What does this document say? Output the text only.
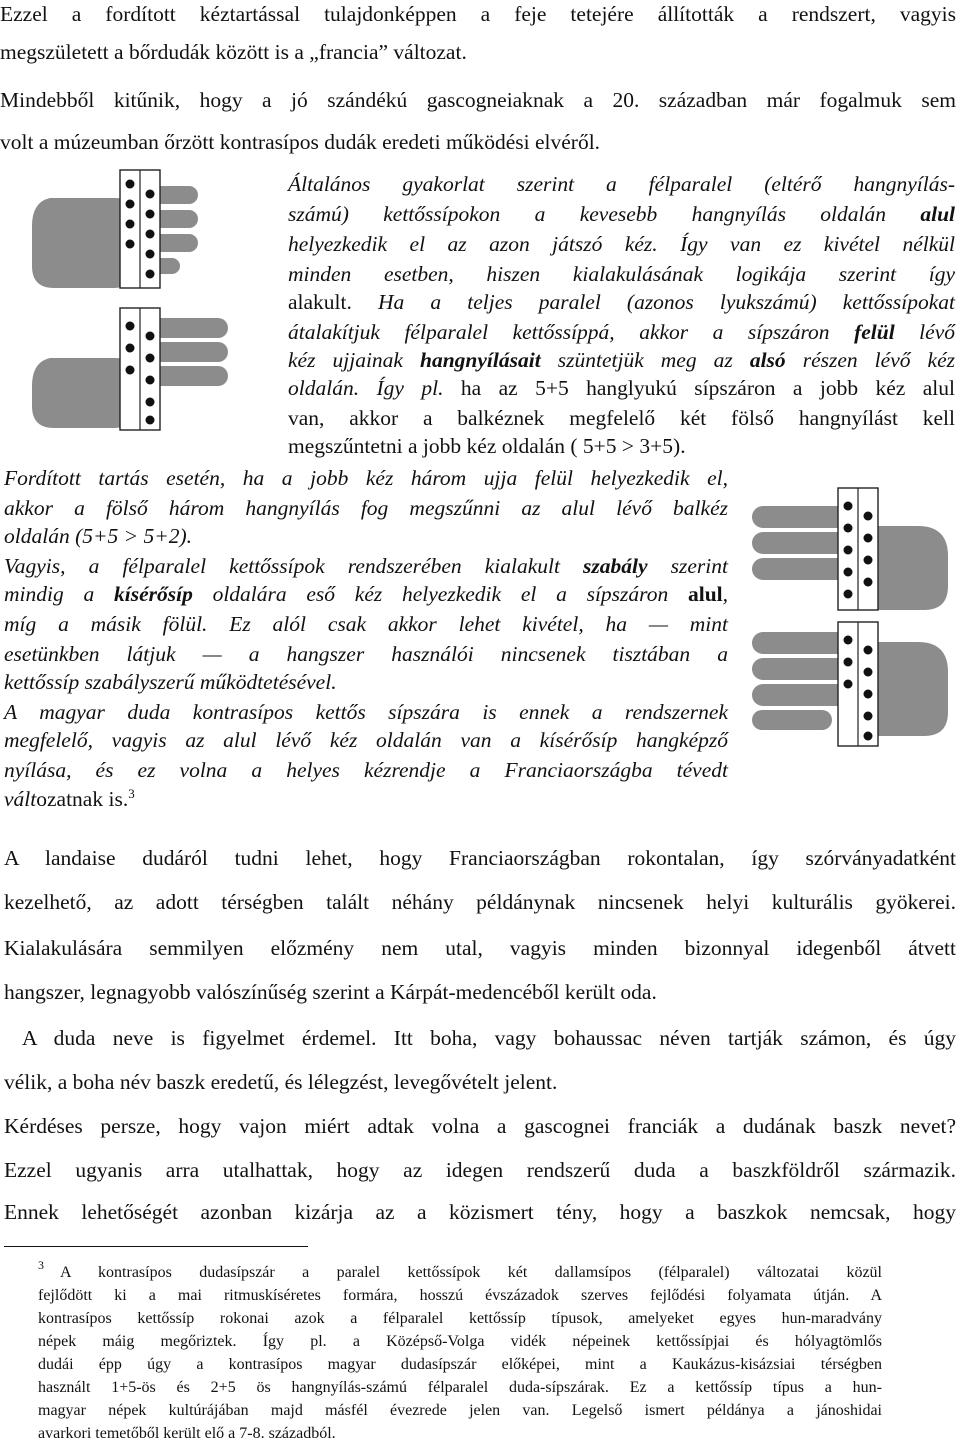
Ezzel a fordított kéztartással tulajdonképpen a feje tetejére állították a rendszert, vagyis
megszületett a bőrdudák között is a „francia” változat.
Mindebből kitűnik, hogy a jó szándékú gascogneiaknak a 20. században már fogalmuk sem
volt a múzeumban őrzött kontrasípos dudák eredeti működési elvéről.
Általános gyakorlat szerint a félparalel (eltérő hangnyílás-
számú) kettőssípokon a kevesebb hangnyílás oldalán alul
helyezkedik el az azon játszó kéz. Így van ez kivétel nélkül
minden esetben, hiszen kialakulásának logikája szerint így
alakult. Ha a teljes paralel (azonos lyukszámú) kettőssípokat
átalakítjuk félparalel kettőssíppá, akkor a sípszáron felül lévő
kéz ujjainak hangnyílásait szüntetjük meg az alsó részen lévő kéz
oldalán. Így pl. ha az 5+5 hanglyukú sípszáron a jobb kéz alul
van, akkor a balkéznek megfelelő két fölső hangnyílást kell
megszűntetni a jobb kéz oldalán ( 5+5 > 3+5).
Fordított tartás esetén, ha a jobb kéz három ujja felül helyezkedik el,
akkor a fölső három hangnyílás fog megszűnni az alul lévő balkéz
oldalán (5+5 > 5+2).
Vagyis, a félparalel kettőssípok rendszerében kialakult szabály szerint
mindig a kísérősíp oldalára eső kéz helyezkedik el a sípszáron alul,
míg a másik fölül. Ez alól csak akkor lehet kivétel, ha — mint
esetünkben látjuk — a hangszer használói nincsenek tisztában a
kettőssíp szabályszerű működtetésével.
A magyar duda kontrasípos kettős sípszára is ennek a rendszernek
megfelelő, vagyis az alul lévő kéz oldalán van a kísérősíp hangképző
nyílása, és ez volna a helyes kézrendje a Franciaországba tévedt
változatnak is.$^3$
A landaise dudáról tudni lehet, hogy Franciaországban rokontalan, így szórványadatként
kezelhető, az adott térségben talált néhány példánynak nincsenek helyi kulturális gyökerei.
Kialakulására semmilyen előzmény nem utal, vagyis minden bizonnyal idegenből átvett
hangszer, legnagyobb valószínűség szerint a Kárpát-medencéből került oda.
A duda neve is figyelmet érdemel. Itt boha, vagy bohaussac néven tartják számon, és úgy
vélik, a boha név baszk eredetű, és lélegzést, levegővételt jelent.
Kérdéses persze, hogy vajon miért adtak volna a gascognei franciák a dudának baszk nevet?
Ezzel ugyanis arra utalhattak, hogy az idegen rendszerű duda a baszkföldről származik.
Ennek lehetőségét azonban kizárja az a közismert tény, hogy a baszkok nemcsak, hogy
3 A kontrasípos dudasípszár a paralel kettőssípok két dallamsípos (félparalel) változatai közül
fejlődött ki a mai ritmuskíséretes formára, hosszú évszázadok szerves fejlődési folyamata útján. A
kontrasípos kettőssíp rokonai azok a félparalel kettőssíp típusok, amelyeket egyes hun-maradvány
népek máig megőriztek. Így pl. a Középső-Volga vidék népeinek kettőssípjai és hólyagtömlős
dudái épp úgy a kontrasípos magyar dudasípszár előképei, mint a Kaukázus-kisázsiai térségben
használt 1+5-ös és 2+5 ös hangnyílás-számú félparalel duda-sípszárak. Ez a kettőssíp típus a hun-
magyar népek kultúrájában majd másfél évezrede jelen van. Legelső ismert példánya a jánoshidai
avarkori temetőből került elő a 7-8. századból.
